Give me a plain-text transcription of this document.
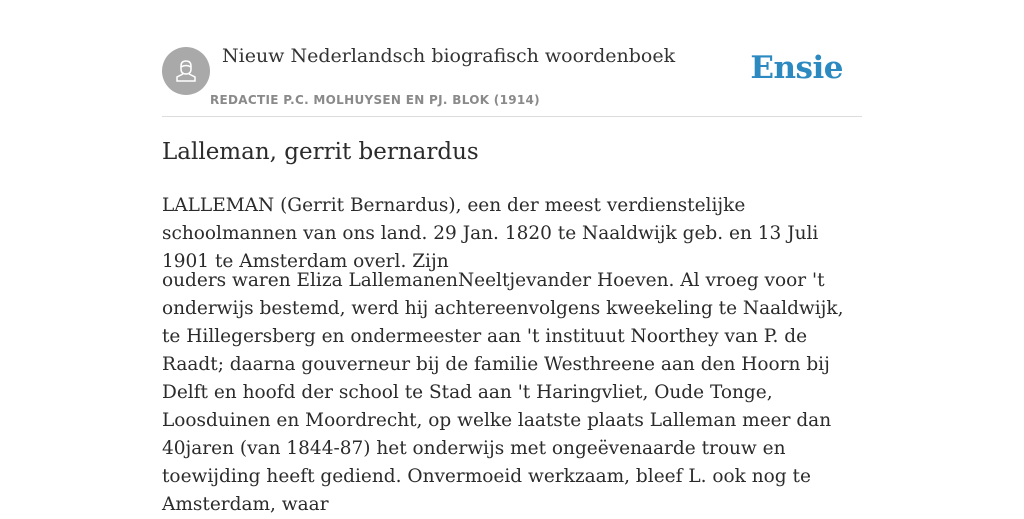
Nieuw Nederlandsch biografisch woordenboek
REDACTIE P.C. MOLHUYSEN EN PJ. BLOK (1914)
Ensie
Lalleman, gerrit bernardus

LALLEMAN (Gerrit Bernardus), een der meest verdienstelijke schoolmannen van ons land. 29 Jan. 1820 te Naaldwijk geb. en 13 Juli 1901 te Amsterdam overl. Zijn

ouders waren Eliza LallemanenNeeltjevander Hoeven. Al vroeg voor 't onderwijs bestemd, werd hij achtereenvolgens kweekeling te Naaldwijk, te Hillegersberg en ondermeester aan 't instituut Noorthey van P. de Raadt; daarna gouverneur bij de familie Westhreene aan den Hoorn bij Delft en hoofd der school te Stad aan 't Haringvliet, Oude Tonge, Loosduinen en Moordrecht, op welke laatste plaats Lalleman meer dan 40jaren (van 1844-87) het onderwijs met ongeëvenaarde trouw en toewijding heeft gediend. Onvermoeid werkzaam, bleef L. ook nog te Amsterdam, waar
